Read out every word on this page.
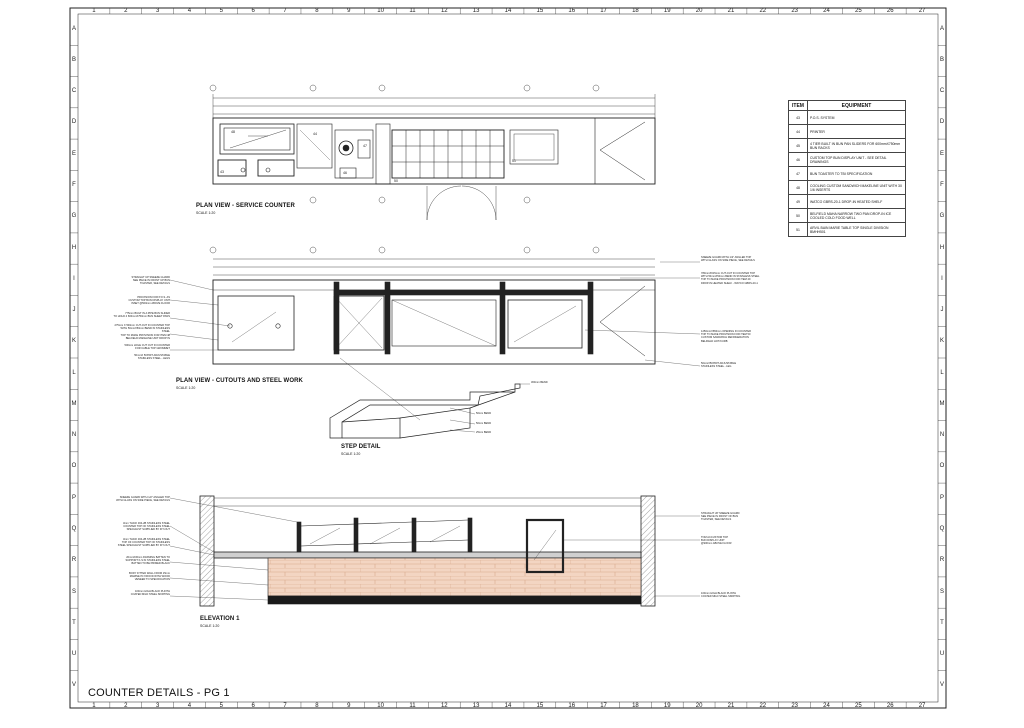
1
1
2
2
3
3
4
4
5
5
6
6
7
7
8
8
9
9
10
10
11
11
12
12
13
13
14
14
15
15
16
16
17
17
18
18
19
19
20
20
21
21
22
22
23
23
24
24
25
25
26
26
27
27
A	A
B	B
C	C
D	D
E	E
F	F
G	G
H	H
I	I
J	J
K	K
L	L
M	M
N	N
O	O
P	P
Q	Q
R	R
S	S
T	T
U	U
V	V
PLAN VIEW - SERVICE COUNTER
SCALE 1:20
PLAN VIEW - CUTOUTS AND STEEL WORK
SCALE 1:20
STEP DETAIL
SCALE 1:20
ELEVATION 1
SCALE 1:20
48	44
47
46
43
50
51
STRAIGHT UP SNEEZE GUARD
SEE PIECE IN FRONT UP BUN
TOASTER, SEE DETAILS
PROVISION FOR P.O.S. AS
CUSTOM TOP BUN DISPLAY UNIT
INSET @500mm ABOVE FLOOR
775mm BUILT IN A PIPE BUN SLIDER
TO HOLD 4 600mmX750mm BUN SHEET PANS
275mm X 500mm CUT-OUT IN COUNTER TOP
WITH 50mmX50mm BEND IN STAINLESS STEEL
TOP TO MAKE PROVISION FOR ITEM 48
BELFIELD MAKELINE UNIT DROP IN
500mm HOLE CUT OUT IN COUNTER
FOR CABLE TOP GROMMET
50mmX 50X50T ADJUSTABLE
STAINLESS STEEL - LEGS
SNEEZE GUARD WITH 1/2" ANGLED TOP
WITH GLASS ON SIDE PIECE, SEE DETAILS
780mmX615mm CUT-OUT IN COUNTER TOP
WITH 50mmX50mm BEND IN STAINLESS STEEL
TOP TO MAKE PROVISION FOR ITEM 49
DROP-IN HEATED SHELF - WATCO GBRS-20-1
1250mmX650mm OPENING IN COUNTER
TOP TO MAKE PROVISION FOR ITEM 50
CUSTOM SANDWICH REFRIGERATION
BELFIELD HOT/CURB
50mmX50X50T ADJUSTABLE
STAINLESS STEEL - LEG
300mm BEND
50mm BEND
50mm BEND
25mm BEND
SNEEZE GUARD WITH 1/2" ANGLED TOP
WITH GLASS ON SIDE PIECE, SEE DETAILS
3mm THICK 304-2B STAINLESS STEEL
COUNTER TOP OF STAINLESS STEEL
SPECIALIST SUPPLIED BY FIT-OUT
3mm THICK 304-2B STAINLESS STEEL
TOP OF COUNTER TOP OF STAINLESS
STEEL SPECIALIST SUPPLIED BY FIT-OUT
20mmX30mm FRAMING BATTEN TO
SUPPORT K-S IN STAINLESS STEEL
BATTEN TO BE PRIMED BLACK
BODY FITTED WALL FROM 15mm
MARINE PLYWOOD WITH WOOD
VENEER TO SPECIFICATION
100mm HIGH BLACK PLINTH
COATED MILD STEEL SKIRTING
STRAIGHT UP SNEEZE GUARD
SEE PIECE IN FRONT OF BUN
TOASTER, SEE DETAILS
TOM ACCUSTOM TOP
BUN DISPLAY UNIT
@900mm ABOVE FLOOR
100mm HIGH BLACK PLINTH
COATED MILD STEEL SKIRTING
ITEM	EQUIPMENT
43	P.O.S. SYSTEM
44	PRINTER
45	4 TIER BUILT IN BUN PAN SLIDERS FOR 600mmX750mm BUN RACKS
46	CUSTOM TOP BUN DISPLAY UNIT - SEE DETAIL DRAWINGS
47	BUN TOASTER TO TBI SPECIFICATION
48	COOLING CUSTOM SANDWICH MAKELINE UNIT WITH 3X 1/6 INSERTS
49	WATCO GBRS-20-1 DROP-IN HEATED SHELF
50	BELFIELD MAHA NARROW TWO PAN DROP-IN ICE COOLED COLD FOOD WELL
51	ARVIL BAIN MARIE TABLE TOP SINGLE DIVISION BMHH501
COUNTER DETAILS - PG 1
